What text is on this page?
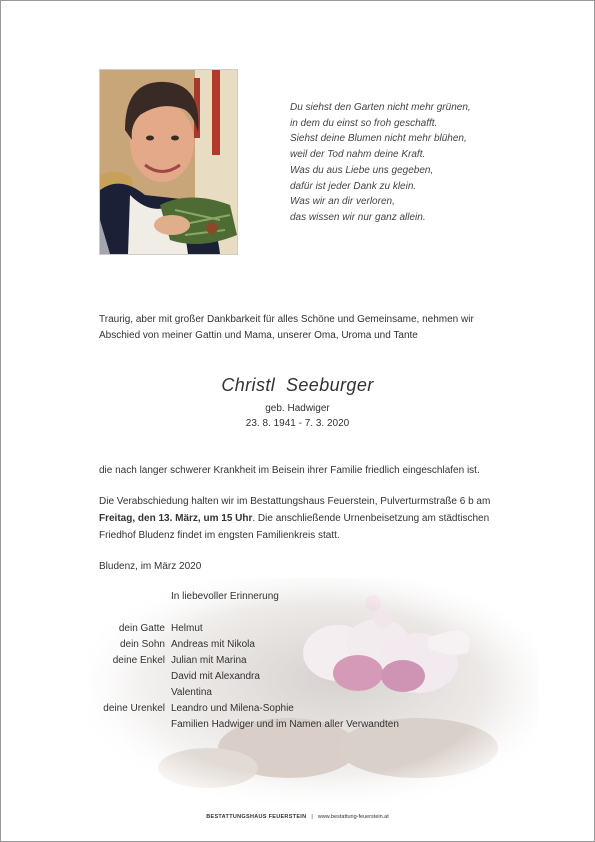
Du siehst den Garten nicht mehr grünen,
in dem du einst so froh geschafft.
Siehst deine Blumen nicht mehr blühen,
weil der Tod nahm deine Kraft.
Was du aus Liebe uns gegeben,
dafür ist jeder Dank zu klein.
Was wir an dir verloren,
das wissen wir nur ganz allein.
Traurig, aber mit großer Dankbarkeit für alles Schöne und Gemeinsame, nehmen wir
Abschied von meiner Gattin und Mama, unserer Oma, Uroma und Tante
Christl Seeburger
geb. Hadwiger
23. 8. 1941 - 7. 3. 2020
die nach langer schwerer Krankheit im Beisein ihrer Familie friedlich eingeschlafen ist.
Die Verabschiedung halten wir im Bestattungshaus Feuerstein, Pulverturmstraße 6 b am
Freitag, den 13. März, um 15 Uhr. Die anschließende Urnenbeisetzung am städtischen
Friedhof Bludenz findet im engsten Familienkreis statt.
Bludenz, im März 2020
In liebevoller Erinnerung
dein Gatte Helmut
dein Sohn Andreas mit Nikola
deine Enkel Julian mit Marina
David mit Alexandra
Valentina
deine Urenkel Leandro und Milena-Sophie
Familien Hadwiger und im Namen aller Verwandten
BESTATTUNGSHAUS FEUERSTEIN | www.bestattung-feuerstein.at
